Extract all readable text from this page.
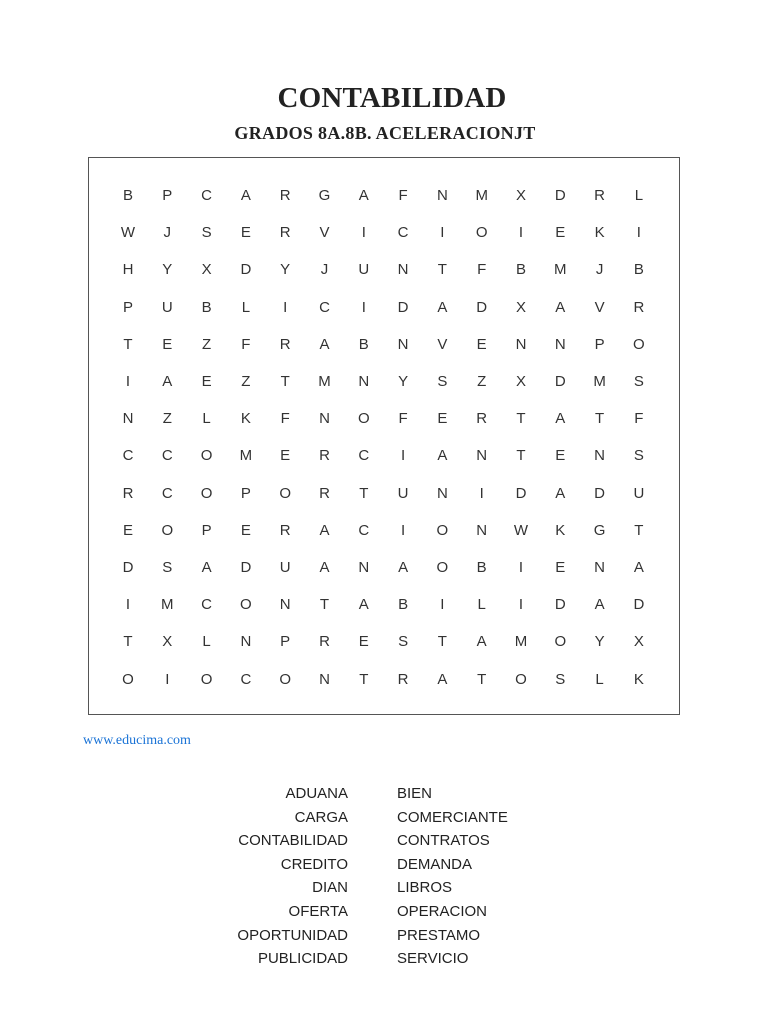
CONTABILIDAD
GRADOS 8A.8B. ACELERACIONJT
B	P	C	A	R	G	A	F	N	M	X	D	R	L
W	J	S	E	R	V	I	C	I	O	I	E	K	I
H	Y	X	D	Y	J	U	N	T	F	B	M	J	B
P	U	B	L	I	C	I	D	A	D	X	A	V	R
T	E	Z	F	R	A	B	N	V	E	N	N	P	O
I	A	E	Z	T	M	N	Y	S	Z	X	D	M	S
N	Z	L	K	F	N	O	F	E	R	T	A	T	F
C	C	O	M	E	R	C	I	A	N	T	E	N	S
R	C	O	P	O	R	T	U	N	I	D	A	D	U
E	O	P	E	R	A	C	I	O	N	W	K	G	T
D	S	A	D	U	A	N	A	O	B	I	E	N	A
I	M	C	O	N	T	A	B	I	L	I	D	A	D
T	X	L	N	P	R	E	S	T	A	M	O	Y	X
O	I	O	C	O	N	T	R	A	T	O	S	L	K
www.educima.com
ADUANA
CARGA
CONTABILIDAD
CREDITO
DIAN
OFERTA
OPORTUNIDAD
PUBLICIDAD
BIEN
COMERCIANTE
CONTRATOS
DEMANDA
LIBROS
OPERACION
PRESTAMO
SERVICIO
